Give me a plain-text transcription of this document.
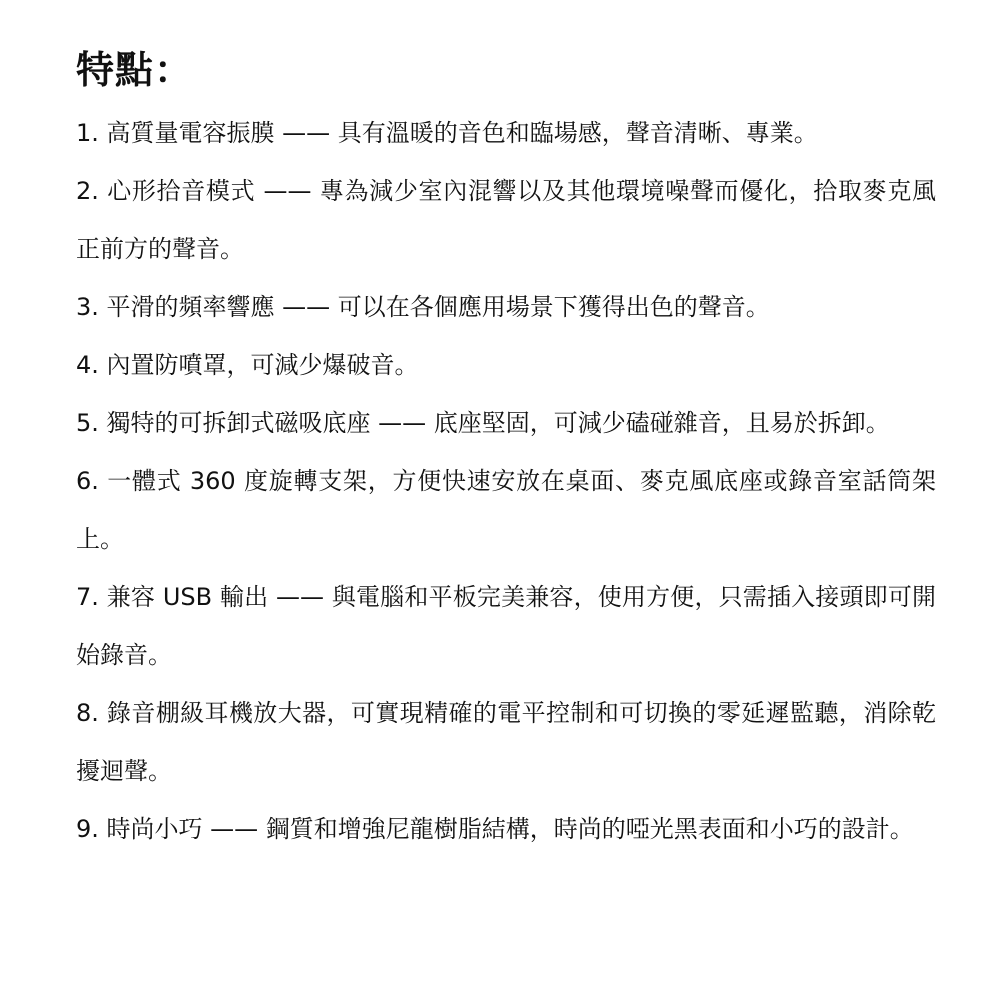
特點：
1. 高質量電容振膜 —— 具有溫暖的音色和臨場感，聲音清晰、專業。
2. 心形拾音模式 —— 專為減少室內混響以及其他環境噪聲而優化，拾取麥克風正前方的聲音。
3. 平滑的頻率響應 —— 可以在各個應用場景下獲得出色的聲音。
4. 內置防噴罩，可減少爆破音。
5. 獨特的可拆卸式磁吸底座 —— 底座堅固，可減少磕碰雜音，且易於拆卸。
6. 一體式 360 度旋轉支架，方便快速安放在桌面、麥克風底座或錄音室話筒架上。
7. 兼容 USB 輸出 —— 與電腦和平板完美兼容，使用方便，只需插入接頭即可開始錄音。
8. 錄音棚級耳機放大器，可實現精確的電平控制和可切換的零延遲監聽，消除乾擾迴聲。
9. 時尚小巧 —— 鋼質和增強尼龍樹脂結構，時尚的啞光黑表面和小巧的設計。
